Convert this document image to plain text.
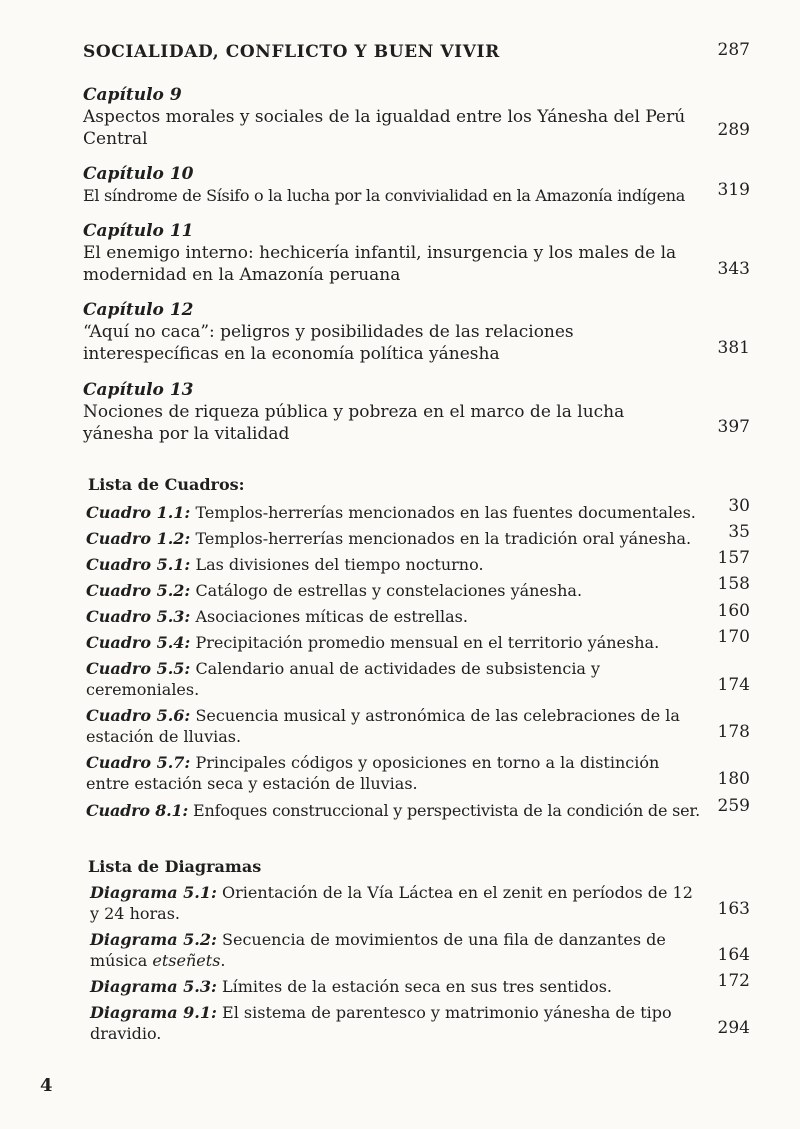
SOCIALIDAD, CONFLICTO Y BUEN VIVIR	287
Capítulo 9
Aspectos morales y sociales de la igualdad entre los Yánesha del Perú Central	289
Capítulo 10
El síndrome de Sísifo o la lucha por la convivialidad en la Amazonía indígena	319
Capítulo 11
El enemigo interno: hechicería infantil, insurgencia y los males de la modernidad en la Amazonía peruana	343
Capítulo 12
“Aquí no caca”: peligros y posibilidades de las relaciones interespecíficas en la economía política yánesha	381
Capítulo 13
Nociones de riqueza pública y pobreza en el marco de la lucha yánesha por la vitalidad	397
Lista de Cuadros:
Cuadro 1.1: Templos-herrerías mencionados en las fuentes documentales.	30
Cuadro 1.2: Templos-herrerías mencionados en la tradición oral yánesha.	35
Cuadro 5.1: Las divisiones del tiempo nocturno.	157
Cuadro 5.2: Catálogo de estrellas y constelaciones yánesha.	158
Cuadro 5.3: Asociaciones míticas de estrellas.	160
Cuadro 5.4: Precipitación promedio mensual en el territorio yánesha.	170
Cuadro 5.5: Calendario anual de actividades de subsistencia y ceremoniales.	174
Cuadro 5.6: Secuencia musical y astronómica de las celebraciones de la estación de lluvias.	178
Cuadro 5.7: Principales códigos y oposiciones en torno a la distinción entre estación seca y estación de lluvias.	180
Cuadro 8.1: Enfoques construccional y perspectivista de la condición de ser.	259
Lista de Diagramas
Diagrama 5.1: Orientación de la Vía Láctea en el zenit en períodos de 12 y 24 horas.	163
Diagrama 5.2: Secuencia de movimientos de una fila de danzantes de música etseñets.	164
Diagrama 5.3: Límites de la estación seca en sus tres sentidos.	172
Diagrama 9.1: El sistema de parentesco y matrimonio yánesha de tipo dravidio.	294
4
